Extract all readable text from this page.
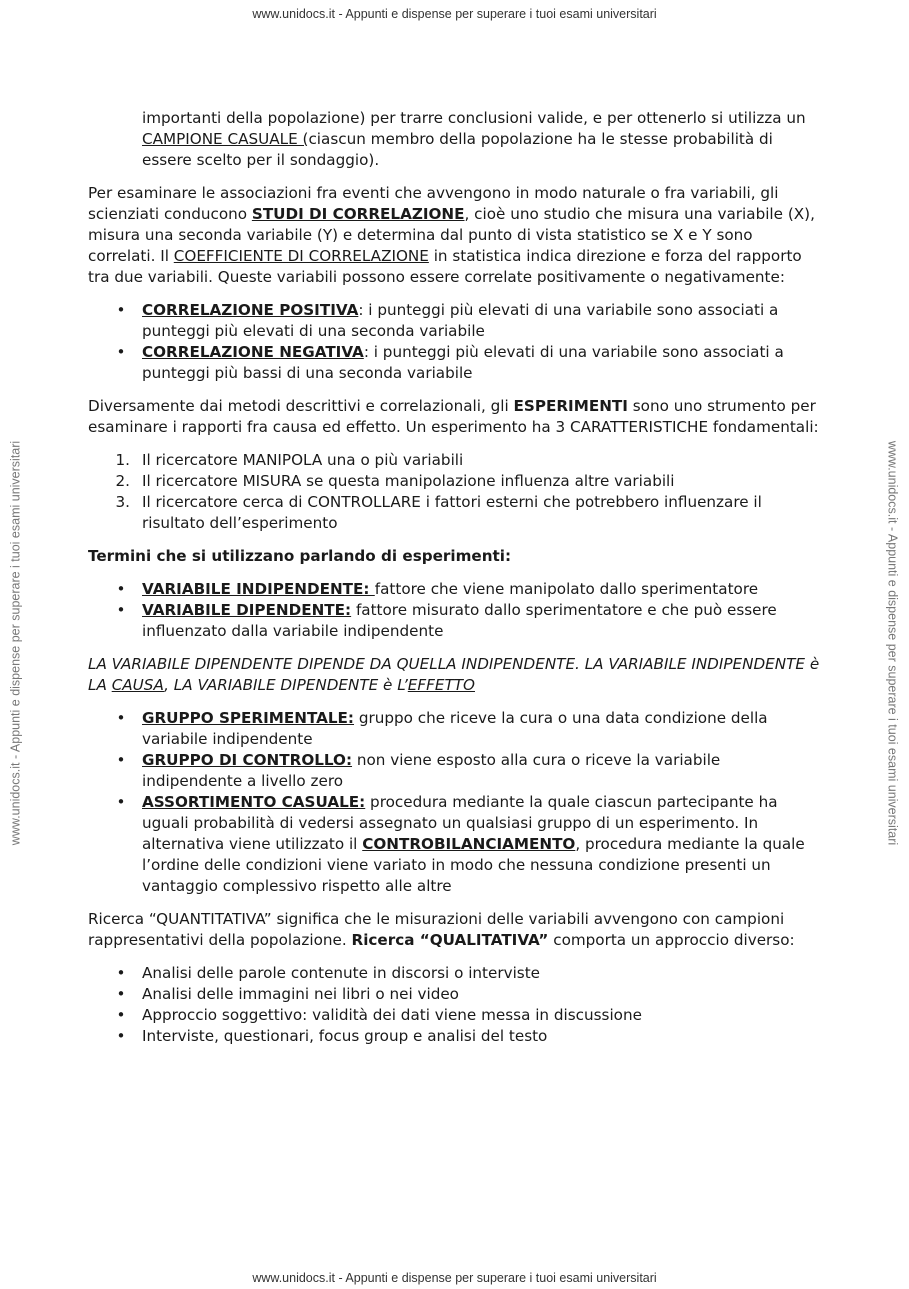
www.unidocs.it - Appunti e dispense per superare i tuoi esami universitari
www.unidocs.it - Appunti e dispense per superare i tuoi esami universitari
www.unidocs.it - Appunti e dispense per superare i tuoi esami universitari	www.unidocs.it - Appunti e dispense per superare i tuoi esami universitari

importanti della popolazione) per trarre conclusioni valide, e per ottenerlo si utilizza un CAMPIONE CASUALE (ciascun membro della popolazione ha le stesse probabilità di essere scelto per il sondaggio).

Per esaminare le associazioni fra eventi che avvengono in modo naturale o fra variabili, gli scienziati conducono STUDI DI CORRELAZIONE, cioè uno studio che misura una variabile (X), misura una seconda variabile (Y) e determina dal punto di vista statistico se X e Y sono correlati. Il COEFFICIENTE DI CORRELAZIONE in statistica indica direzione e forza del rapporto tra due variabili. Queste variabili possono essere correlate positivamente o negativamente:

•	CORRELAZIONE POSITIVA: i punteggi più elevati di una variabile sono associati a punteggi più elevati di una seconda variabile
•	CORRELAZIONE NEGATIVA: i punteggi più elevati di una variabile sono associati a punteggi più bassi di una seconda variabile

Diversamente dai metodi descrittivi e correlazionali, gli ESPERIMENTI sono uno strumento per esaminare i rapporti fra causa ed effetto. Un esperimento ha 3 CARATTERISTICHE fondamentali:

1. Il ricercatore MANIPOLA una o più variabili
2. Il ricercatore MISURA se questa manipolazione influenza altre variabili
3. Il ricercatore cerca di CONTROLLARE i fattori esterni che potrebbero influenzare il risultato dell’esperimento

Termini che si utilizzano parlando di esperimenti:

•	VARIABILE INDIPENDENTE: fattore che viene manipolato dallo sperimentatore
•	VARIABILE DIPENDENTE: fattore misurato dallo sperimentatore e che può essere influenzato dalla variabile indipendente

LA VARIABILE DIPENDENTE DIPENDE DA QUELLA INDIPENDENTE. LA VARIABILE INDIPENDENTE è LA CAUSA, LA VARIABILE DIPENDENTE è L’EFFETTO

•	GRUPPO SPERIMENTALE: gruppo che riceve la cura o una data condizione della variabile indipendente
•	GRUPPO DI CONTROLLO: non viene esposto alla cura o riceve la variabile indipendente a livello zero
•	ASSORTIMENTO CASUALE: procedura mediante la quale ciascun partecipante ha uguali probabilità di vedersi assegnato un qualsiasi gruppo di un esperimento. In alternativa viene utilizzato il CONTROBILANCIAMENTO, procedura mediante la quale l’ordine delle condizioni viene variato in modo che nessuna condizione presenti un vantaggio complessivo rispetto alle altre

Ricerca “QUANTITATIVA” significa che le misurazioni delle variabili avvengono con campioni rappresentativi della popolazione. Ricerca “QUALITATIVA” comporta un approccio diverso:

•	Analisi delle parole contenute in discorsi o interviste
•	Analisi delle immagini nei libri o nei video
•	Approccio soggettivo: validità dei dati viene messa in discussione
•	Interviste, questionari, focus group e analisi del testo
